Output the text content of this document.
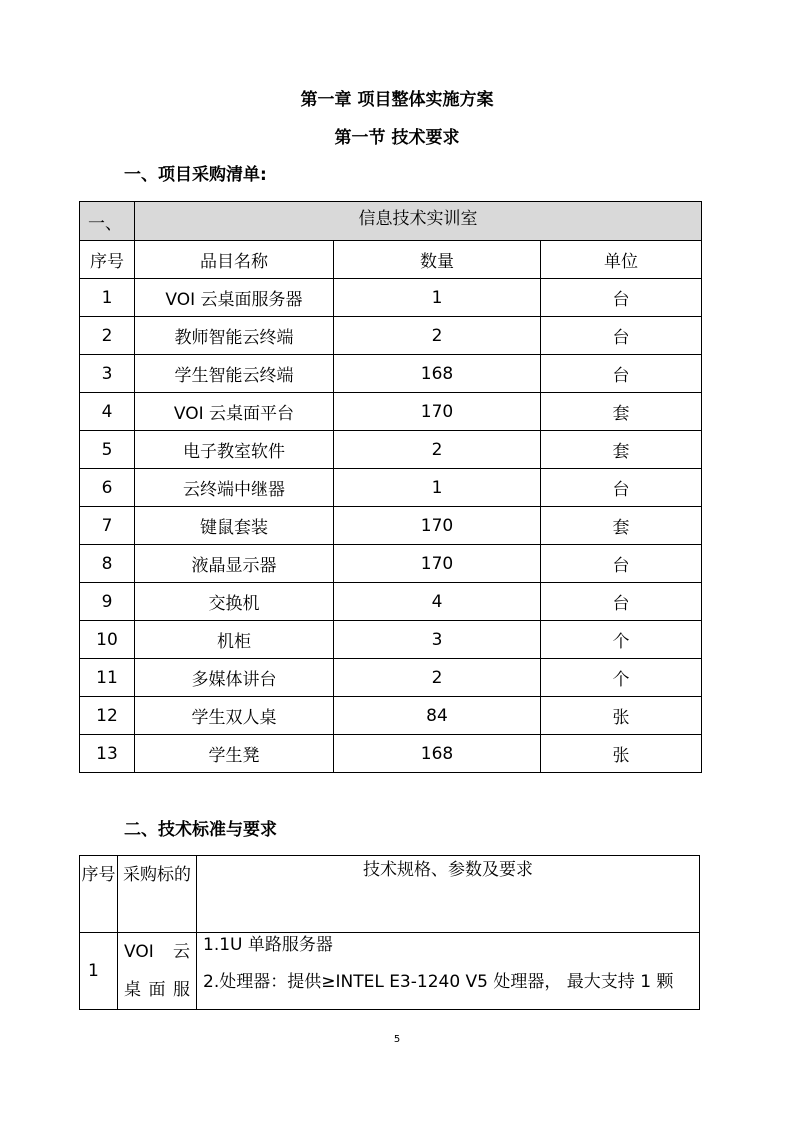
第一章 项目整体实施方案
第一节 技术要求
一、项目采购清单:
一、	信息技术实训室		
序号	品目名称	数量	单位
1	VOI 云桌面服务器	1	台
2	教师智能云终端	2	台
3	学生智能云终端	168	台
4	VOI 云桌面平台	170	套
5	电子教室软件	2	套
6	云终端中继器	1	台
7	键鼠套装	170	套
8	液晶显示器	170	台
9	交换机	4	台
10	机柜	3	个
11	多媒体讲台	2	个
12	学生双人桌	84	张
13	学生凳	168	张
二、技术标准与要求
序号	采购标的	技术规格、参数及要求
1	VOI 云桌面服	1.1U 单路服务器
2.处理器：提供≥INTEL E3-1240 V5 处理器， 最大支持 1 颗
5
